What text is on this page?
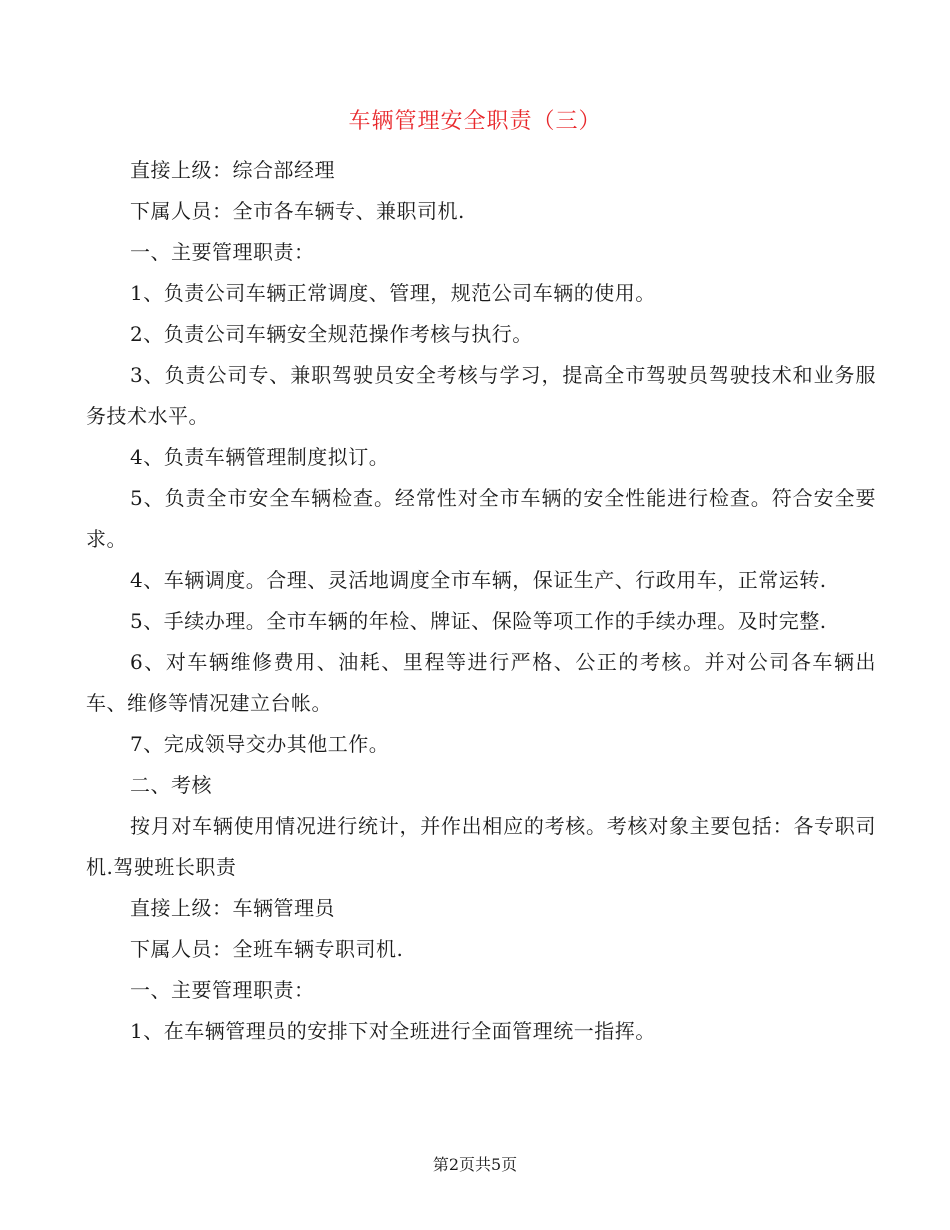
车辆管理安全职责（三）

直接上级：综合部经理

下属人员：全市各车辆专、兼职司机.

一、主要管理职责：

1、负责公司车辆正常调度、管理，规范公司车辆的使用。

2、负责公司车辆安全规范操作考核与执行。

3、负责公司专、兼职驾驶员安全考核与学习，提高全市驾驶员驾驶技术和业务服务技术水平。

4、负责车辆管理制度拟订。

5、负责全市安全车辆检查。经常性对全市车辆的安全性能进行检查。符合安全要求。

4、车辆调度。合理、灵活地调度全市车辆，保证生产、行政用车，正常运转.

5、手续办理。全市车辆的年检、牌证、保险等项工作的手续办理。及时完整.

6、对车辆维修费用、油耗、里程等进行严格、公正的考核。并对公司各车辆出车、维修等情况建立台帐。

7、完成领导交办其他工作。

二、考核

按月对车辆使用情况进行统计，并作出相应的考核。考核对象主要包括：各专职司机.驾驶班长职责

直接上级：车辆管理员

下属人员：全班车辆专职司机.

一、主要管理职责：

1、在车辆管理员的安排下对全班进行全面管理统一指挥。

第2页共5页
